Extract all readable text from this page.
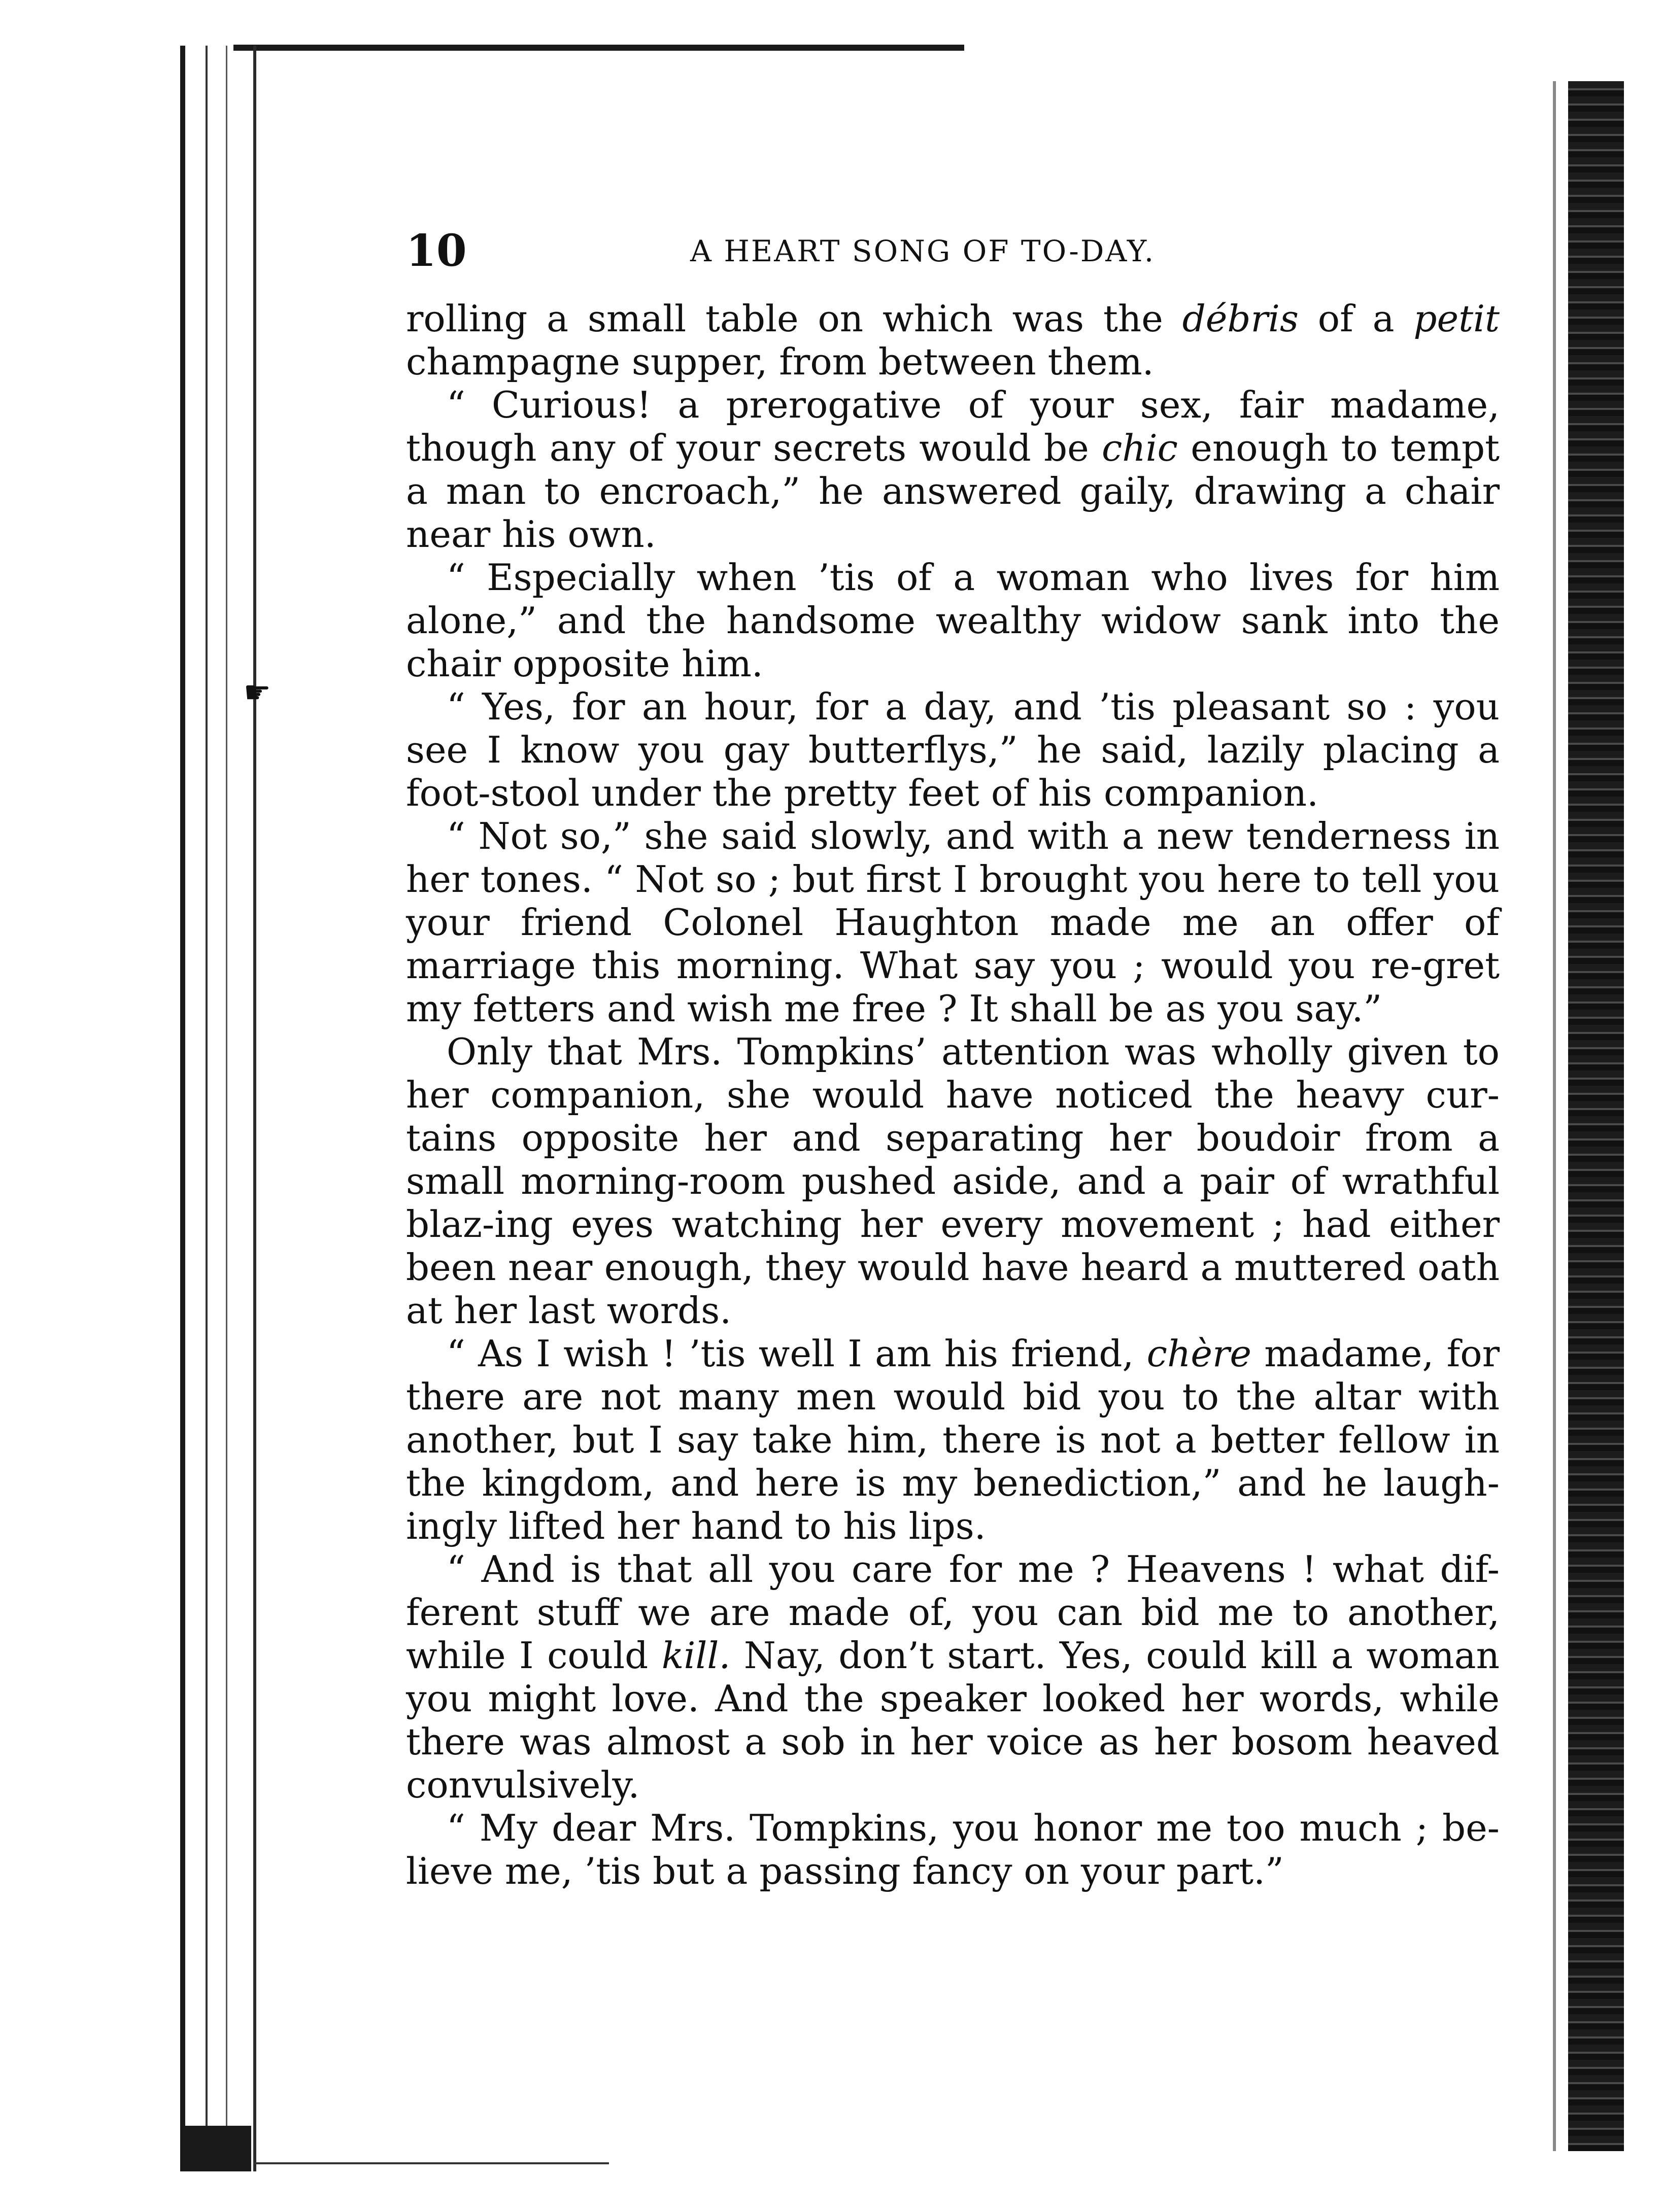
☛
10	A HEART SONG OF TO-DAY.

rolling a small table on which was the débris of a petit champagne supper, from between them.

“ Curious! a prerogative of your sex, fair madame, though any of your secrets would be chic enough to tempt a man to encroach,” he answered gaily, drawing a chair near his own.

“ Especially when ’tis of a woman who lives for him alone,” and the handsome wealthy widow sank into the chair opposite him.

“ Yes, for an hour, for a day, and ’tis pleasant so : you see I know you gay butterflys,” he said, lazily placing a foot-stool under the pretty feet of his companion.

“ Not so,” she said slowly, and with a new tenderness in her tones. “ Not so ; but first I brought you here to tell you your friend Colonel Haughton made me an offer of marriage this morning. What say you ; would you re-gret my fetters and wish me free ? It shall be as you say.”

Only that Mrs. Tompkins’ attention was wholly given to her companion, she would have noticed the heavy cur-tains opposite her and separating her boudoir from a small morning-room pushed aside, and a pair of wrathful blaz-ing eyes watching her every movement ; had either been near enough, they would have heard a muttered oath at her last words.

“ As I wish ! ’tis well I am his friend, chère madame, for there are not many men would bid you to the altar with another, but I say take him, there is not a better fellow in the kingdom, and here is my benediction,” and he laugh-ingly lifted her hand to his lips.

“ And is that all you care for me ? Heavens ! what dif-ferent stuff we are made of, you can bid me to another, while I could kill. Nay, don’t start. Yes, could kill a woman you might love. And the speaker looked her words, while there was almost a sob in her voice as her bosom heaved convulsively.

“ My dear Mrs. Tompkins, you honor me too much ; be-lieve me, ’tis but a passing fancy on your part.”
